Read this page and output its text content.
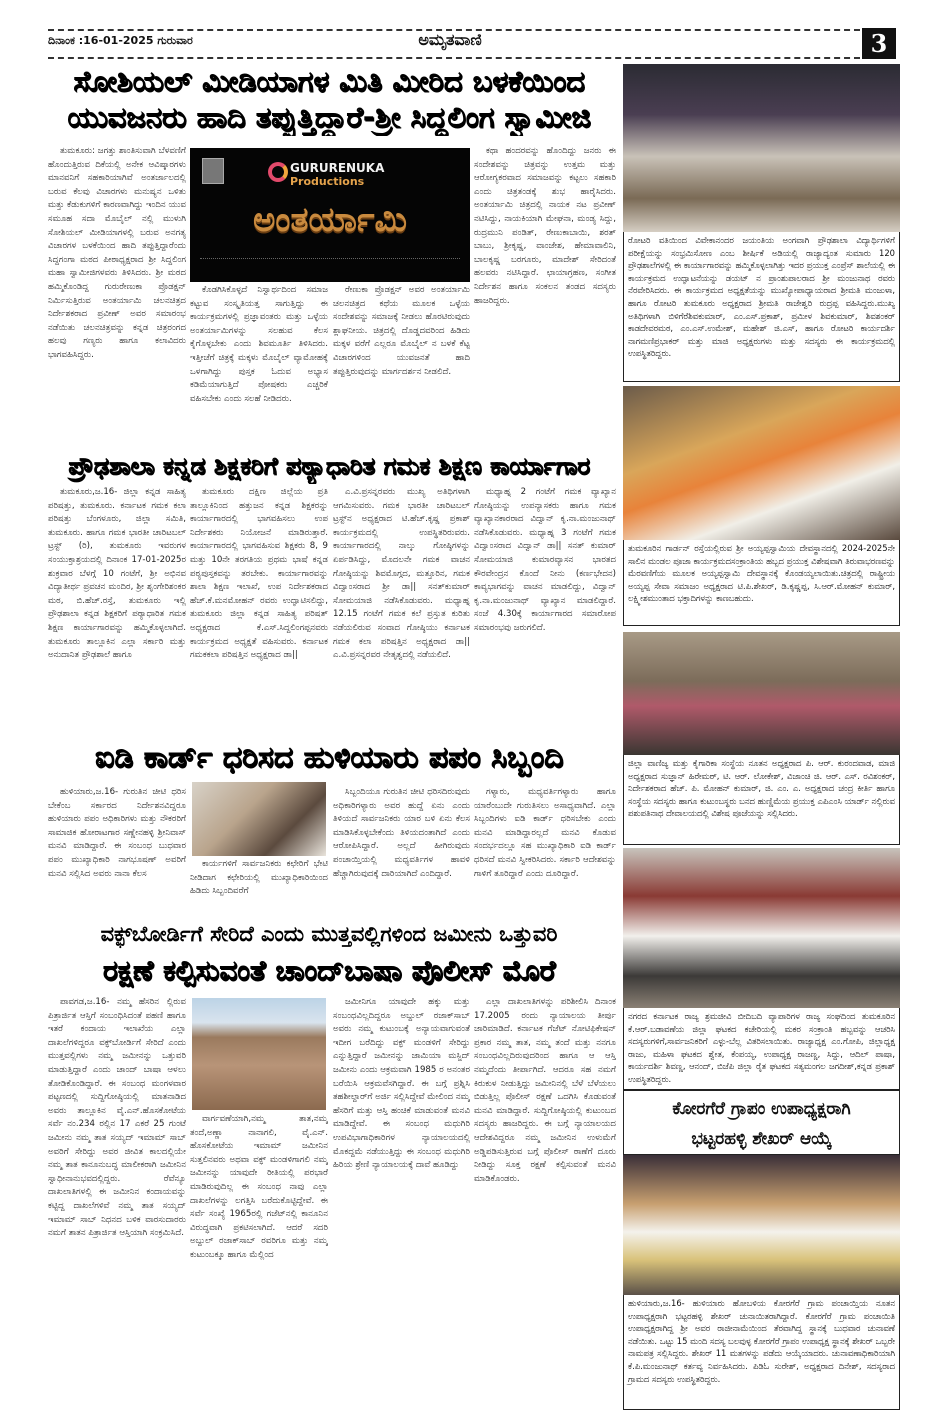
ದಿನಾಂಕ :16-01-2025 ಗುರುವಾರ	ಅಮೃತವಾಣಿ	3
ಸೋಶಿಯಲ್ ಮೀಡಿಯಾಗಳ ಮಿತಿ ಮೀರಿದ ಬಳಕೆಯಿಂದ
ಯುವಜನರು ಹಾದಿ ತಪ್ಪುತ್ತಿದ್ದಾರೆ-ಶ್ರೀ ಸಿದ್ದಲಿಂಗ ಸ್ವಾಮೀಜಿ

ತುಮಕೂರು: ಜಗತ್ತು ಶಾಂತಿಸುವಾಗಿ ಬೆಳವಣಿಗೆ ಹೊಂದುತ್ತಿರುವ ದಿಕೆಯಲ್ಲಿ ಅನೇಕ ಆವಿಷ್ಕಾರಗಳು ಮಾನವನಿಗೆ ಸಹಕಾರಿಯಾಗಿವೆ ಅಂತರ್ಜಾಲದಲ್ಲಿ ಬರುವ ಕೆಲವು ವಿಚಾರಗಳು ಮನುಷ್ಯನ ಒಳಿತು ಮತ್ತು ಕೆಡುಕುಗಳಿಗೆ ಕಾರಣವಾಗಿದ್ದು ಇಂದಿನ ಯುವ ಸಮೂಹ ಸದಾ ಮೊಬೈಲ್ ನಲ್ಲಿ ಮುಳುಗಿ ಸೋಶಿಯಲ್ ಮೀಡಿಯಾಗಳಲ್ಲಿ ಬರುವ ಅನಗತ್ಯ ವಿಚಾರಗಳ ಬಳಕೆಯಿಂದ ಹಾದಿ ತಪ್ಪುತ್ತಿದ್ದಾರೆಂದು ಸಿದ್ದಗಂಗಾ ಮಠದ ಪೀಠಾಧ್ಯಕ್ಷರಾದ ಶ್ರೀ ಸಿದ್ದಲಿಂಗ ಮಹಾ ಸ್ವಾಮೀಜಿಗಳವರು ತಿಳಿಸಿದರು. ಶ್ರೀ ಮಠದ ಹಮ್ಮಿಕೊಂಡಿದ್ದ ಗುರುರೇಣುಕಾ ಪ್ರೊಡಕ್ಷನ್ ನಿರ್ಮಿಸುತ್ತಿರುವ ಅಂತರ್ಯಾಮಿ ಚಲನಚಿತ್ರದ ನಿರ್ದೇಶಕರಾದ ಪ್ರವೀಣ್ ಅವರ ಸಮಾರಂಭ ನಡೆಯಿತು ಚಲನಚಿತ್ರವನ್ನು ಕನ್ನಡ ಚಿತ್ರರಂಗದ ಹಲವು ಗಣ್ಯರು ಹಾಗೂ ಕಲಾವಿದರು ಭಾಗವಹಿಸಿದ್ದರು.

GURURENUKA
Productions
ಅಂತರ್ಯಾಮಿ

ಕೊಡಗಿಸಿಕೊಳ್ಳದೆ ನಿಸ್ವಾರ್ಥದಿಂದ ಸಮಾಜ ಕಟ್ಟುವ ಸಂಸ್ಕೃತಿಯತ್ತ ಸಾಗುತ್ತಿದ್ದು ಈ ಕಾರ್ಯಕ್ರಮಗಳಲ್ಲಿ ಪ್ರಜ್ಞಾವಂತರು ಮತ್ತು ಒಳ್ಳೆಯ ಅಂತರ್ಯಾಮಿಗಳನ್ನು ಸಲಹುವ ಕೆಲಸ ಕೈಗೊಳ್ಳಬೇಕು ಎಂದು ಶಿವಮೂರ್ತಿ ತಿಳಿಸಿದರು. ಇತ್ತೀಚೆಗೆ ಚಿತ್ರಕ್ಕೆ ಮಕ್ಕಳು ಮೊಬೈಲ್ ವ್ಯಾಮೋಹಕ್ಕೆ ಒಳಗಾಗಿದ್ದು ಪುಸ್ತಕ ಓದುವ ಅಭ್ಯಾಸ ಕಡಿಮೆಯಾಗುತ್ತಿದೆ ಪೋಷಕರು ಎಚ್ಚರಿಕೆ ವಹಿಸಬೇಕು ಎಂದು ಸಲಹೆ ನೀಡಿದರು.

ರೇಣುಕಾ ಪ್ರೊಡಕ್ಷನ್ ಅವರ ಅಂತರ್ಯಾಮಿ ಚಲನಚಿತ್ರದ ಕಥೆಯ ಮೂಲಕ ಒಳ್ಳೆಯ ಸಂದೇಶವನ್ನು ಸಮಾಜಕ್ಕೆ ನೀಡಲು ಹೊರಟಿರುವುದು ಶ್ಲಾಘನೀಯ. ಚಿತ್ರದಲ್ಲಿ ದೊಡ್ಡದವರಿಂದ ಹಿಡಿದು ಮಕ್ಕಳ ವರೆಗೆ ಎಲ್ಲರೂ ಮೊಬೈಲ್ ನ ಬಳಕೆ ಕೆಟ್ಟ ವಿಚಾರಗಳಿಂದ ಯುವಜನತೆ ಹಾದಿ ತಪ್ಪುತ್ತಿರುವುದನ್ನು ಮಾರ್ಗದರ್ಶನ ನೀಡಲಿದೆ.

ಕಥಾ ಹಂದರವನ್ನು ಹೊಂದಿದ್ದು ಜನರು ಈ ಸಂದೇಶವನ್ನು ಚಿತ್ರವನ್ನು ಉತ್ತಮ ಮತ್ತು ಆರೋಗ್ಯಕರವಾದ ಸಮಾಜವನ್ನು ಕಟ್ಟಲು ಸಹಕಾರಿ ಎಂದು ಚಿತ್ರತಂಡಕ್ಕೆ ಶುಭ ಹಾರೈಸಿದರು. ಅಂತರ್ಯಾಮಿ ಚಿತ್ರದಲ್ಲಿ ನಾಯಕ ನಟ ಪ್ರವೀಣ್ ನಟಿಸಿದ್ದು, ನಾಯಕಿಯಾಗಿ ಮೇಘನಾ, ಮಂಡ್ಯ ಸಿದ್ದು, ರುದ್ರಮುನಿ ಪಂಡಿತ್, ರೇಣುಕಾಬಾಯಿ, ಶರತ್ ಬಾಬು, ಶ್ರೀಕೃಷ್ಣ, ವಾಂಜೇಶ, ಹೇಮಾವಾಲಿನಿ, ಬಾಲಕೃಷ್ಣ ಬರಗೂರು, ಮಾದೇಶ್ ಸೇರಿದಂತೆ ಹಲವರು ನಟಿಸಿದ್ದಾರೆ. ಛಾಯಾಗ್ರಹಣ, ಸಂಗೀತ ನಿರ್ದೇಶನ ಹಾಗೂ ಸಂಕಲನ ತಂಡದ ಸದಸ್ಯರು ಹಾಜರಿದ್ದರು.

ಪ್ರೌಢಶಾಲಾ ಕನ್ನಡ ಶಿಕ್ಷಕರಿಗೆ ಪಠ್ಯಾಧಾರಿತ ಗಮಕ ಶಿಕ್ಷಣ ಕಾರ್ಯಾಗಾರ

ತುಮಕೂರು,ಜ.16- ಜಿಲ್ಲಾ ಕನ್ನಡ ಸಾಹಿತ್ಯ ಪರಿಷತ್ತು, ತುಮಕೂರು. ಕರ್ನಾಟಕ ಗಮಕ ಕಲಾ ಪರಿಷತ್ತು ಬೆಂಗಳೂರು, ಜಿಲ್ಲಾ ಸಮಿತಿ, ತುಮಕೂರು. ಹಾಗೂ ಗಮಕ ಭಾರತೀ ಚಾರಿಟಬಲ್ ಟ್ರಸ್ಟ್ (ರಿ), ತುಮಕೂರು ಇವರುಗಳ ಸಂಯುಕ್ತಾಶ್ರಯದಲ್ಲಿ ದಿನಾಂಕ 17-01-2025ರ ಶುಕ್ರವಾರ ಬೆಳಗ್ಗೆ 10 ಗಂಟೆಗೆ, ಶ್ರೀ ಅಭಿನವ ವಿದ್ಯಾತೀರ್ಥ ಪ್ರವಚನ ಮಂದಿರ, ಶ್ರೀ ಶೃಂಗೇರಿಶಂಕರ ಮಠ, ಬಿ.ಹೆಚ್.ರಸ್ತೆ, ತುಮಕೂರು ಇಲ್ಲಿ ಪ್ರೌಢಶಾಲಾ ಕನ್ನಡ ಶಿಕ್ಷಕರಿಗೆ ಪಠ್ಯಾಧಾರಿತ ಗಮಕ ಶಿಕ್ಷಣ ಕಾರ್ಯಾಗಾರವನ್ನು ಹಮ್ಮಿಕೊಳ್ಳಲಾಗಿದೆ. ತುಮಕೂರು ತಾಲ್ಲೂಕಿನ ಎಲ್ಲಾ ಸರ್ಕಾರಿ ಮತ್ತು ಅನುದಾನಿತ ಪ್ರೌಢಶಾಲೆ ಹಾಗೂ

ತುಮಕೂರು ದಕ್ಷಿಣ ಜಿಲ್ಲೆಯ ಪ್ರತಿ ತಾಲ್ಲೂಕಿನಿಂದ ಹತ್ತುಜನ ಕನ್ನಡ ಶಿಕ್ಷಕರನ್ನು ಕಾರ್ಯಾಗಾರದಲ್ಲಿ ಭಾಗವಹಿಸಲು ಉಪ ನಿರ್ದೇಶಕರು ನಿಯೋಜನೆ ಮಾಡಿರುತ್ತಾರೆ. ಕಾರ್ಯಾಗಾರದಲ್ಲಿ ಭಾಗವಹಿಸುವ ಶಿಕ್ಷಕರು 8, 9 ಮತ್ತು 10ನೇ ತರಗತಿಯ ಪ್ರಥಮ ಭಾಷೆ ಕನ್ನಡ ಪಠ್ಯಪುಸ್ತಕವನ್ನು ತರಬೇಕು. ಕಾರ್ಯಾಗಾರವನ್ನು ಶಾಲಾ ಶಿಕ್ಷಣ ಇಲಾಖೆ, ಉಪ ನಿರ್ದೇಶಕರಾದ ಹೆಚ್.ಕೆ.ಮನಮೋಹನ್ ರವರು ಉದ್ಘಾಟಿಸಲಿದ್ದು, ತುಮಕೂರು ಜಿಲ್ಲಾ ಕನ್ನಡ ಸಾಹಿತ್ಯ ಪರಿಷತ್ ಅಧ್ಯಕ್ಷರಾದ ಕೆ.ಎಸ್.ಸಿದ್ದಲಿಂಗಪ್ಪನವರು ಕಾರ್ಯಕ್ರಮದ ಅಧ್ಯಕ್ಷತೆ ವಹಿಸುವರು. ಕರ್ನಾಟಕ ಗಮಕಕಲಾ ಪರಿಷತ್ತಿನ ಅಧ್ಯಕ್ಷರಾದ ಡಾ||

ಎ.ವಿ.ಪ್ರಸನ್ನರವರು ಮುಖ್ಯ ಅತಿಥಿಗಳಾಗಿ ಆಗಮಿಸುವರು. ಗಮಕ ಭಾರತೀ ಚಾರಿಟಬಲ್ ಟ್ರಸ್ಟ್‌ನ ಅಧ್ಯಕ್ಷರಾದ ಟಿ.ಹೆಚ್.ಕೃಷ್ಣ ಪ್ರಕಾಶ್ ಕಾರ್ಯಕ್ರಮದಲ್ಲಿ ಉಪಸ್ಥಿತರಿರುವರು. ಕಾರ್ಯಾಗಾರದಲ್ಲಿ ನಾಲ್ಕು ಗೋಷ್ಠಿಗಳನ್ನು ಏರ್ಪಡಿಸಿದ್ದು, ಮೊದಲನೇ ಗಮಕ ವಾಚನ ಗೋಷ್ಠಿಯನ್ನು ಶಿವಮೊಗ್ಗದ, ಮತ್ತೂರಿನ, ಗಮಕ ವಿದ್ವಾಂಸರಾದ ಶ್ರೀ ಡಾ|| ಸನತ್‌ಕುಮಾರ್ ಸೋಮಯಾಜಿ ನಡೆಸಿಕೊಡುವರು. ಮಧ್ಯಾಹ್ನ 12.15 ಗಂಟೆಗೆ ಗಮಕ ಕಲೆ ಪ್ರಸ್ತುತ ಕುರಿತು ನಡೆಯಲಿರುವ ಸಂವಾದ ಗೋಷ್ಠಿಯು ಕರ್ನಾಟಕ ಗಮಕ ಕಲಾ ಪರಿಷತ್ತಿನ ಅಧ್ಯಕ್ಷರಾದ ಡಾ|| ಎ.ವಿ.ಪ್ರಸನ್ನರವರ ನೇತೃತ್ವದಲ್ಲಿ ನಡೆಯಲಿದೆ.

ಮಧ್ಯಾಹ್ನ 2 ಗಂಟೆಗೆ ಗಮಕ ವ್ಯಾಖ್ಯಾನ ಗೋಷ್ಠಿಯನ್ನು ಉಪನ್ಯಾಸಕರು ಹಾಗೂ ಗಮಕ ವ್ಯಾಖ್ಯಾನಕಾರರಾದ ವಿದ್ವಾನ್ ಕೃ.ನಾ.ಮಂಜುನಾಥ್ ನಡೆಸಿಕೊಡುವರು. ಮಧ್ಯಾಹ್ನ 3 ಗಂಟೆಗೆ ಗಮಕ ವಿದ್ವಾಂಸರಾದ ವಿದ್ವಾನ್ ಡಾ|| ಸನತ್ ಕುಮಾರ್ ಸೋಮಯಾಜಿ ಕುಮಾರವ್ಯಾಸನ ಭಾರತದ ಕೌರವೇಂದ್ರನ ಕೊಂದೆ ನೀನು (ಕರ್ಣಭೇದನ) ಕಾವ್ಯಭಾಗವನ್ನು ವಾಚನ ಮಾಡಲಿದ್ದು, ವಿದ್ವಾನ್ ಕೃ.ನಾ.ಮಂಜುನಾಥ್ ವ್ಯಾಖ್ಯಾನ ಮಾಡಲಿದ್ದಾರೆ. ಸಂಜೆ 4.30ಕ್ಕೆ ಕಾರ್ಯಾಗಾರದ ಸಮಾರೋಪ ಸಮಾರಂಭವು ಜರುಗಲಿದೆ.

ಐಡಿ ಕಾರ್ಡ್ ಧರಿಸದ ಹುಳಿಯಾರು ಪಪಂ ಸಿಬ್ಬಂದಿ

ಹುಳಿಯಾರು,ಜ.16- ಗುರುತಿನ ಚೀಟಿ ಧರಿಸ ಬೇಕೆಂಬ ಸರ್ಕಾರದ ನಿರ್ದೇಶನವಿದ್ದರೂ ಹುಳಿಯಾರು ಪಪಂ ಅಧಿಕಾರಿಗಳು ಮತ್ತು ನೌಕರರಿಗೆ ಸಾಮಾಜಿಕ ಹೋರಾಟಗಾರ ಸಣ್ಣೇನಹಳ್ಳಿ ಶ್ರೀನಿವಾಸ್ ಮನವಿ ಮಾಡಿದ್ದಾರೆ. ಈ ಸಂಬಂಧ ಬುಧವಾರ ಪಪಂ ಮುಖ್ಯಾಧಿಕಾರಿ ನಾಗಭೂಷಣ್ ಅವರಿಗೆ ಮನವಿ ಸಲ್ಲಿಸಿದ ಅವರು ನಾನಾ ಕೆಲಸ

ಕಾರ್ಯಗಳಿಗೆ ಸಾರ್ವಜನಿಕರು ಕಛೇರಿಗೆ ಭೇಟಿ ನೀಡಿದಾಗ ಕಛೇರಿಯಲ್ಲಿ ಮುಖ್ಯಾಧಿಕಾರಿಯಿಂದ ಹಿಡಿದು ಸಿಬ್ಬಂದಿವರೆಗೆ

ಸಿಬ್ಬಂದಿಯೂ ಗುರುತಿನ ಚೀಟಿ ಧರಿಸದಿರುವುದು ಅಧಿಕಾರಿಗಳ್ಯಾರು ಅವರ ಹುದ್ದೆ ಏನು ಎಂದು ತಿಳಿಯದೆ ಸಾರ್ವಜನಿಕರು ಯಾರ ಬಳಿ ಏನು ಕೆಲಸ ಮಾಡಿಸಿಕೊಳ್ಳಬೇಕೆಂದು ತಿಳಿಯದಂತಾಗಿದೆ ಎಂದು ಆರೋಪಿಸಿದ್ದಾರೆ. ಅಲ್ಲದೆ ಹೀಗಿರುವುದು ಪಂಚಾಯ್ತಿಯಲ್ಲಿ ಮಧ್ಯವರ್ತಿಗಳ ಹಾವಳಿ ಹೆಚ್ಚಾಗಿರುವುದಕ್ಕೆ ದಾರಿಯಾಗಿದೆ ಎಂದಿದ್ದಾರೆ.

ಗಳ್ಯಾರು, ಮಧ್ಯವರ್ತಿಗಳ್ಯಾರು ಹಾಗೂ ಯಾರೆಂಬುದೇ ಗುರುತಿಸಲು ಅಸಾಧ್ಯವಾಗಿದೆ. ಎಲ್ಲಾ ಸಿಬ್ಬಂದಿಗಳು ಐಡಿ ಕಾರ್ಡ್ ಧರಿಸಬೇಕು ಎಂದು ಮನವಿ ಮಾಡಿದ್ದಾರಲ್ಲದೆ ಮನವಿ ಕೊಡುವ ಸಂದರ್ಭದಲ್ಲೂ ಸಹ ಮುಖ್ಯಾಧಿಕಾರಿ ಐಡಿ ಕಾರ್ಡ್ ಧರಿಸದೆ ಮನವಿ ಸ್ವೀಕರಿಸಿದರು. ಸರ್ಕಾರಿ ಆದೇಶವನ್ನು ಗಾಳಿಗೆ ತೂರಿದ್ದಾರೆ ಎಂದು ದೂರಿದ್ದಾರೆ.

ವಕ್ಫ್‌ಬೋರ್ಡಿಗೆ ಸೇರಿದೆ ಎಂದು ಮುತ್ತವಲ್ಲಿಗಳಿಂದ ಜಮೀನು ಒತ್ತುವರಿ
ರಕ್ಷಣೆ ಕಲ್ಪಿಸುವಂತೆ ಚಾಂದ್‌ಬಾಷಾ ಪೊಲೀಸ್ ಮೊರೆ

ಪಾವಗಡ,ಜ.16- ನಮ್ಮ ಹೆಸರಿನ ಲ್ಲಿರುವ ಪಿತ್ರಾರ್ಜಿತ ಆಸ್ತಿಗೆ ಸಂಬಂಧಿಸಿದಂತೆ ಪಹಣಿ ಹಾಗೂ ಇತರೆ ಕಂದಾಯ ಇಲಾಖೆಯ ಎಲ್ಲಾ ದಾಖಲೆಗಳಿದ್ದರೂ ವಕ್ಫ್‌ಬೋರ್ಡಿಗೆ ಸೇರಿದೆ ಎಂದು ಮುತ್ತವಲ್ಲಿಗಳು ನಮ್ಮ ಜಮೀನನ್ನು ಒತ್ತುವರಿ ಮಾಡುತ್ತಿದ್ದಾರೆ ಎಂದು ಚಾಂದ್ ಬಾಷಾ ಆಳಲು ತೋಡಿಕೊಂಡಿದ್ದಾರೆ. ಈ ಸಂಬಂಧ ಮಂಗಳವಾರ ಪಟ್ಟಣದಲ್ಲಿ ಸುದ್ದಿಗೋಷ್ಠಿಯಲ್ಲಿ ಮಾತನಾಡಿದ ಅವರು ತಾಲ್ಲೂಕಿನ ವೈ.ಎನ್.ಹೊಸಕೋಟೆಯ ಸರ್ವೆ ನಂ.234 ರಲ್ಲಿನ 17 ಎಕರೆ 25 ಗುಂಟೆ ಜಮೀನು ನಮ್ಮ ತಾತ ಸಯ್ಯದ್ ಇಮಾಮ್ ಸಾಬ್ ಅವರಿಗೆ ಸೇರಿದ್ದು ಅವರ ಜೀವಿತ ಕಾಲದಲ್ಲಿಯೇ ನಮ್ಮ ತಾತ ಕಾನೂನುಬದ್ಧ ಮಾಲೀಕರಾಗಿ ಜಮೀನಿನ ಸ್ವಾಧೀನಾನುಭವದಲ್ಲಿದ್ದರು. ರೆವೆನ್ಯೂ ದಾಖಲಾತಿಗಳಲ್ಲಿ ಈ ಜಮೀನಿನ ಕಂದಾಯವನ್ನು ಕಟ್ಟಿದ್ದ ದಾಖಲೆಗಳಿವೆ ನಮ್ಮ ತಾತ ಸಯ್ಯದ್ ಇಮಾಮ್ ಸಾಬ್ ನಿಧನದ ಬಳಿಕ ವಾರಸುದಾರರು ನಮಗೆ ತಾತನ ಪಿತ್ರಾರ್ಜಿತ ಆಸ್ತಿಯಾಗಿ ಸಂಕ್ರಮಿಸಿದೆ.

ವಾರ್ಗವಣೆಯಾಗಿ,ನಮ್ಮ ತಾತ,ನಮ್ಮ ತಂದೆ,ಅಣ್ಣಾ ನಾನಾಗಲಿ, ವೈ.ಎನ್. ಹೊಸಕೋಟೆಯ ಇಮಾಮ್ ಜಮೀನಿನ ಸುತ್ತಲಿನವರು ಅಥವಾ ವಕ್ಫ್ ಮಂಡಳಿಗಾಗಲಿ ನಮ್ಮ ಜಮೀನನ್ನು ಯಾವುದೇ ರೀತಿಯಲ್ಲಿ ಪರಭಾರೆ ಮಾಡಿರುವುದಿಲ್ಲ ಈ ಸಂಬಂಧ ನಾವು ಎಲ್ಲಾ ದಾಖಲೆಗಳನ್ನು ಲಗತ್ತಿಸಿ ಬರೆದುಕೊಟ್ಟಿದ್ದೇವೆ. ಈ ಸರ್ವೆ ಸಂಖ್ಯೆ 1965ರಲ್ಲಿ ಗಜೆಟ್‌ನಲ್ಲಿ ಕಾನೂನಿನ ವಿರುದ್ಧವಾಗಿ ಪ್ರಕಟಿಸಲಾಗಿದೆ. ಆದರೆ ಸದರಿ ಅಬ್ದುಲ್ ರಜಾಕ್‌ಸಾಬ್ ರವರಿಗೂ ಮತ್ತು ನಮ್ಮ ಕುಟುಂಬಕ್ಕೂ ಹಾಗೂ ಮೆಲ್ಲಿಂದ

ಜಮೀನಿಗೂ ಯಾವುದೇ ಹಕ್ಕು ಮತ್ತು ಸಂಬಂಧವಿಲ್ಲದಿದ್ದರೂ ಅಬ್ದುಲ್ ರಜಾಕ್‌ಸಾಬ್ ಅವರು ನಮ್ಮ ಕುಟುಂಬಕ್ಕೆ ಅನ್ಯಾಯವಾಗುವಂತೆ ಇದೀಗ ಬರೆದಿದ್ದು ವಕ್ಫ್ ಮಂಡಳಿಗೆ ಸೇರಿದ್ದು ಎನ್ನುತ್ತಿದ್ದಾರೆ ಜಮೀನನ್ನು ಜಾಮಿಯಾ ಮಸ್ಜಿದ್ ಜಮೀನು ಎಂದು ಆಕ್ರಮವಾಗಿ 1985 ರ ಅನಂತರ ಬರೆಯಿಸಿ ಆಕ್ರಮವೆಸಗಿದ್ದಾರೆ. ಈ ಬಗ್ಗೆ ಪ್ರಶ್ನಿಸಿ ತಹಶೀಲ್ದಾರ್‌ಗೆ ಅರ್ಜಿ ಸಲ್ಲಿಸಿದ್ದೇವೆ ಮೇಲಿಂದ ನಮ್ಮ ಹೆಸರಿಗೆ ಮತ್ತು ಆಸ್ತಿ ಹಂಚಿಕೆ ಮಾಡುವಂತೆ ಮನವಿ ಮಾಡಿದ್ದೇವೆ. ಈ ಸಂಬಂಧ ಮಧುಗಿರಿ ಉಪವಿಭಾಗಾಧಿಕಾರಿಗಳ ನ್ಯಾಯಾಲಯದಲ್ಲಿ ಮೊಕದ್ದಮೆ ನಡೆಯುತ್ತಿದ್ದು ಈ ಸಂಬಂಧ ಮಧುಗಿರಿ ಹಿರಿಯ ಶ್ರೇಣಿ ನ್ಯಾಯಾಲಯಕ್ಕೆ ದಾವೆ ಹೂಡಿದ್ದು

ಎಲ್ಲಾ ದಾಖಲಾತಿಗಳನ್ನು ಪರಿಶೀಲಿಸಿ ದಿನಾಂಕ 17.2005 ರಂದು ನ್ಯಾಯಾಲಯ ತೀರ್ಪು ಜಾರಿಮಾಡಿದೆ. ಕರ್ನಾಟಕ ಗೆಜೆಟ್ ನೋಟಿಫಿಕೇಷನ್ ಪ್ರಕಾರ ನಮ್ಮ ತಾತ, ನಮ್ಮ ತಂದೆ ಮತ್ತು ನನಗೂ ಸಂಬಂಧವಿಲ್ಲದಿರುವುದರಿಂದ ಹಾಗೂ ಆ ಆಸ್ತಿ ನಮ್ಮದೆಂದು ತೀರ್ಪಾಗಿದೆ. ಆದರೂ ಸಹ ನಮಗೆ ಕಿರುಕುಳ ನೀಡುತ್ತಿದ್ದು ಜಮೀನಿನಲ್ಲಿ ಬೆಳೆ ಬೆಳೆಯಲು ಬಿಡುತ್ತಿಲ್ಲ ಪೊಲೀಸ್ ರಕ್ಷಣೆ ಒದಗಿಸಿ ಕೊಡುವಂತೆ ಮನವಿ ಮಾಡಿದ್ದಾರೆ. ಸುದ್ದಿಗೋಷ್ಠಿಯಲ್ಲಿ ಕುಟುಂಬದ ಸದಸ್ಯರು ಹಾಜರಿದ್ದರು. ಈ ಬಗ್ಗೆ ನ್ಯಾಯಾಲಯದ ಆದೇಶವಿದ್ದರೂ ನಮ್ಮ ಜಮೀನಿನ ಉಳುಮೆಗೆ ಅಡ್ಡಿಪಡಿಸುತ್ತಿರುವ ಬಗ್ಗೆ ಪೊಲೀಸ್ ಠಾಣೆಗೆ ದೂರು ನೀಡಿದ್ದು ಸೂಕ್ತ ರಕ್ಷಣೆ ಕಲ್ಪಿಸುವಂತೆ ಮನವಿ ಮಾಡಿಕೊಂಡರು.

ರೋಟರಿ ವತಿಯಿಂದ ವಿವೇಕಾನಂದರ ಜಯಂತಿಯ ಅಂಗವಾಗಿ ಪ್ರೌಢಶಾಲಾ ವಿದ್ಯಾರ್ಥಿಗಳಿಗೆ ಪರೀಕ್ಷೆಯನ್ನು ಸಂಭ್ರಮಿಸೋಣ ಎಂಬ ಶೀರ್ಷಿಕೆ ಅಡಿಯಲ್ಲಿ ರಾಜ್ಯಾದ್ಯಂತ ಸುಮಾರು 120 ಪ್ರೌಢಶಾಲೆಗಳಲ್ಲಿ ಈ ಕಾರ್ಯಾಗಾರವನ್ನು ಹಮ್ಮಿಕೊಳ್ಳಲಾಗಿತ್ತು ಇದರ ಪ್ರಯುಕ್ತ ಎಂಪ್ರೆಸ್ ಶಾಲೆಯಲ್ಲಿ ಈ ಕಾರ್ಯಕ್ರಮದ ಉದ್ಘಾಟನೆಯನ್ನು ಡಯಟ್ ನ ಪ್ರಾಂಶುಪಾಲರಾದ ಶ್ರೀ ಮಂಜುನಾಥ ರವರು ನೆರವೇರಿಸಿದರು. ಈ ಕಾರ್ಯಕ್ರಮದ ಅಧ್ಯಕ್ಷತೆಯನ್ನು ಮುಖ್ಯೋಪಾಧ್ಯಾಯರಾದ ಶ್ರೀಮತಿ ಮಂಜುಳಾ, ಹಾಗೂ ರೋಟರಿ ತುಮಕೂರು ಅಧ್ಯಕ್ಷರಾದ ಶ್ರೀಮತಿ ರಾಜೇಶ್ವರಿ ರುದ್ರಪ್ಪ ವಹಿಸಿದ್ದರು.ಮುಖ್ಯ ಅತಿಥಿಗಳಾಗಿ ಬಿಳಿಗೆರೆಶಿವಕುಮಾರ್, ಎಂ.ಎಸ್.ಪ್ರಕಾಶ್, ಪ್ರಮೀಳ ಶಿವಕುಮಾರ್, ಶಿವಶಂಕರ್ ಕಾಡದೇವರಮಠ, ಎಂ.ಎಸ್.ಉಮೇಶ್, ಮಹೇಶ್ ಜಿ.ಎಸ್, ಹಾಗೂ ರೋಟರಿ ಕಾರ್ಯದರ್ಶಿ ನಾಗಮಣಿಪ್ರಭಾಕರ್ ಮತ್ತು ಮಾಜಿ ಅಧ್ಯಕ್ಷರುಗಳು ಮತ್ತು ಸದಸ್ಯರು ಈ ಕಾರ್ಯಕ್ರಮದಲ್ಲಿ ಉಪಸ್ಥಿತರಿದ್ದರು.
ತುಮಕೂರಿನ ಗಾರ್ಡನ್ ರಸ್ತೆಯಲ್ಲಿರುವ ಶ್ರೀ ಅಯ್ಯಪ್ಪಸ್ವಾಮಿಯ ದೇವಸ್ಥಾನದಲ್ಲಿ 2024-2025ನೇ ಸಾಲಿನ ಮಂಡಲ ಪೂಜಾ ಕಾರ್ಯಕ್ರಮದಸಂಕ್ರಾಂತಿಯ ಹಬ್ಬದ ಪ್ರಯುಕ್ತ ವಿಶೇಷವಾಗಿ ತಿರುವಾಭರಣವನ್ನು ಮೆರವಣಿಗೆಯ ಮೂಲಕ ಅಯ್ಯಪ್ಪಸ್ವಾಮಿ ದೇವಸ್ಥಾನಕ್ಕೆ ಕೊಂಡಯ್ಯಲಾಯಿತು.ಚಿತ್ರದಲ್ಲಿ ರಾಷ್ಟ್ರೀಯ ಅಯ್ಯಪ್ಪ ಸೇವಾ ಸಮಾಜಂ ಅಧ್ಯಕ್ಷರಾದ ಟಿ.ಪಿ.ಶೇಖರ್, ಡಿ.ಕೃಷ್ಣಪ್ಪ, ಸಿ.ಆರ್.ಮೋಹನ್ ಕುಮಾರ್, ಲಕ್ಷ್ಮೀಶಮುಂತಾದ ಭಕ್ತಾದಿಗಳನ್ನು ಕಾಣಬಹುದು.
ಜಿಲ್ಲಾ ವಾಣಿಜ್ಯ ಮತ್ತು ಕೈಗಾರಿಕಾ ಸಂಸ್ಥೆಯ ನೂತನ ಅಧ್ಯಕ್ಷರಾದ ಪಿ. ಆರ್. ಕುರಂದವಾಡ, ಮಾಜಿ ಅಧ್ಯಕ್ಷರಾದ ಸುಜ್ಞಾನ್ ಹಿರೇಮಠ್, ಟಿ. ಆರ್. ಲೋಕೇಶ್, ವಿಜಾಂಚಿ ಜಿ. ಆರ್. ಎಸ್. ರವಿಶಂಕರ್, ನಿರ್ದೇಶಕರಾದ ಹೆಚ್. ಪಿ. ಮೋಹನ್ ಕುಮಾರ್, ಜಿ. ಎಂ. ಎ. ಅಧ್ಯಕ್ಷರಾದ ಚಂದ್ರ ಕೀರ್ತಿ ಹಾಗೂ ಸಂಸ್ಥೆಯ ಸದಸ್ಯರು ಹಾಗೂ ಕುಟುಂಬಸ್ಥರು ಬನದ ಹುಣ್ಣಿಮೆಯ ಪ್ರಯುಕ್ತ ಎಪಿಎಂಸಿ ಯಾರ್ಡ್ ನಲ್ಲಿರುವ ಪಶುಪತಿನಾಥ ದೇವಾಲಯದಲ್ಲಿ ವಿಶೇಷ ಪೂಜೆಯನ್ನು ಸಲ್ಲಿಸಿದರು.
ನಗರದ ಕರ್ನಾಟಕ ರಾಜ್ಯ ಶ್ರಮಜೀವಿ ಬೀದಿಬದಿ ವ್ಯಾಪಾರಿಗಳ ರಾಜ್ಯ ಸಂಘದಿಂದ ತುಮಕೂರಿನ ಕೆ.ಆರ್.ಬಡಾವಣೆಯ ಜಿಲ್ಲಾ ಘಟಕದ ಕಚೇರಿಯಲ್ಲಿ ಮಕರ ಸಂಕ್ರಾಂತಿ ಹಬ್ಬವನ್ನು ಆಚರಿಸಿ ಸದಸ್ಯರುಗಳಿಗೆ,ಸಾರ್ವಜನಿಕರಿಗೆ ಎಳ್ಳು-ಬೆಲ್ಲ ವಿತರಿಸಲಾಯಿತು. ರಾಜ್ಯಾಧ್ಯಕ್ಷ ಎಂ.ಗೋಪಿ, ಜಿಲ್ಲಾಧ್ಯಕ್ಷ ರಾಜು, ಮಹಿಳಾ ಘಟಕದ ಶ್ವೇತ, ಕೆಂಪಯ್ಯ, ಉಪಾಧ್ಯಕ್ಷ ರಾಜಣ್ಣ, ಸಿದ್ದು, ಆದಿಲ್ ಪಾಷಾ, ಕಾರ್ಯದರ್ಶಿ ಶಿವಣ್ಣ, ಆನಂದ್, ಬಿಜೆಪಿ ಜಿಲ್ಲಾ ರೈತ ಘಟಕದ ಸತ್ಯಮಂಗಲ ಜಗದೀಶ್,ಕನ್ನಡ ಪ್ರಕಾಶ್ ಉಪಸ್ಥಿತರಿದ್ದರು.
ಕೋರಗೆರೆ ಗ್ರಾಪಂ ಉಪಾಧ್ಯಕ್ಷರಾಗಿ
ಭಟ್ಟರಹಳ್ಳಿ ಶೇಖರ್ ಆಯ್ಕೆ
ಹುಳಿಯಾರು,ಜ.16- ಹುಳಿಯಾರು ಹೋಬಳಿಯ ಕೋರಗೆರೆ ಗ್ರಾಮ ಪಂಚಾಯ್ತಿಯ ನೂತನ ಉಪಾಧ್ಯಕ್ಷರಾಗಿ ಭಟ್ಟರಹಳ್ಳಿ ಶೇಖರ್ ಚುನಾಯಿತರಾಗಿದ್ದಾರೆ. ಕೋರಗೆರೆ ಗ್ರಾಮ ಪಂಚಾಯಿತಿ ಉಪಾಧ್ಯಕ್ಷರಾಗಿದ್ದ ಶ್ರೀ ಅವರ ರಾಜೀನಾಮೆಯಿಂದ ತೆರವಾಗಿದ್ದ ಸ್ಥಾನಕ್ಕೆ ಬುಧವಾರ ಚುನಾವಣೆ ನಡೆಯಿತು. ಒಟ್ಟು 15 ಮಂದಿ ಸದಸ್ಯ ಬಲವುಳ್ಳ ಕೋರಗೆರೆ ಗ್ರಾಪಂ ಉಪಾಧ್ಯಕ್ಷ ಸ್ಥಾನಕ್ಕೆ ಶೇಖರ್ ಒಬ್ಬರೇ ನಾಮಪತ್ರ ಸಲ್ಲಿಸಿದ್ದರು. ಶೇಖರ್ 11 ಮತಗಳನ್ನು ಪಡೆದು ಆಯ್ಕೆಯಾದರು. ಚುನಾವಣಾಧಿಕಾರಿಯಾಗಿ ಕೆ.ಪಿ.ಮಂಜುನಾಥ್ ಕರ್ತವ್ಯ ನಿರ್ವಹಿಸಿದರು. ಪಿಡಿಓ ಸುರೇಶ್, ಅಧ್ಯಕ್ಷರಾದ ದಿನೇಶ್, ಸದಸ್ಯರಾದ ಗ್ರಾಮದ ಸದಸ್ಯರು ಉಪಸ್ಥಿತರಿದ್ದರು.
